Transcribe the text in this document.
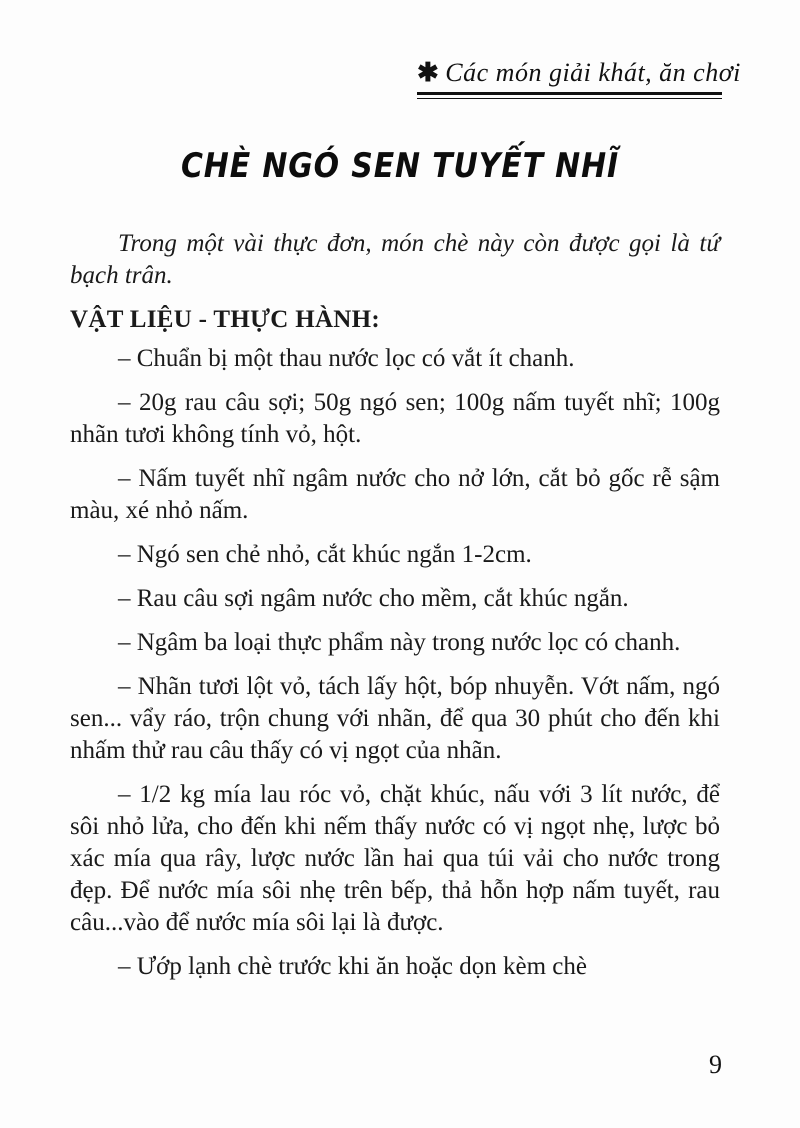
✱ Các món giải khát, ăn chơi
CHÈ NGÓ SEN TUYẾT NHĨ

Trong một vài thực đơn, món chè này còn được gọi là tứ bạch trân.

VẬT LIỆU - THỰC HÀNH:

– Chuẩn bị một thau nước lọc có vắt ít chanh.

– 20g rau câu sợi; 50g ngó sen; 100g nấm tuyết nhĩ; 100g nhãn tươi không tính vỏ, hột.

– Nấm tuyết nhĩ ngâm nước cho nở lớn, cắt bỏ gốc rễ sậm màu, xé nhỏ nấm.

– Ngó sen chẻ nhỏ, cắt khúc ngắn 1-2cm.

– Rau câu sợi ngâm nước cho mềm, cắt khúc ngắn.

– Ngâm ba loại thực phẩm này trong nước lọc có chanh.

– Nhãn tươi lột vỏ, tách lấy hột, bóp nhuyễn. Vớt nấm, ngó sen... vẩy ráo, trộn chung với nhãn, để qua 30 phút cho đến khi nhấm thử rau câu thấy có vị ngọt của nhãn.

– 1/2 kg mía lau róc vỏ, chặt khúc, nấu với 3 lít nước, để sôi nhỏ lửa, cho đến khi nếm thấy nước có vị ngọt nhẹ, lược bỏ xác mía qua rây, lược nước lần hai qua túi vải cho nước trong đẹp. Để nước mía sôi nhẹ trên bếp, thả hỗn hợp nấm tuyết, rau câu...vào để nước mía sôi lại là được.

– Ướp lạnh chè trước khi ăn hoặc dọn kèm chè

9
